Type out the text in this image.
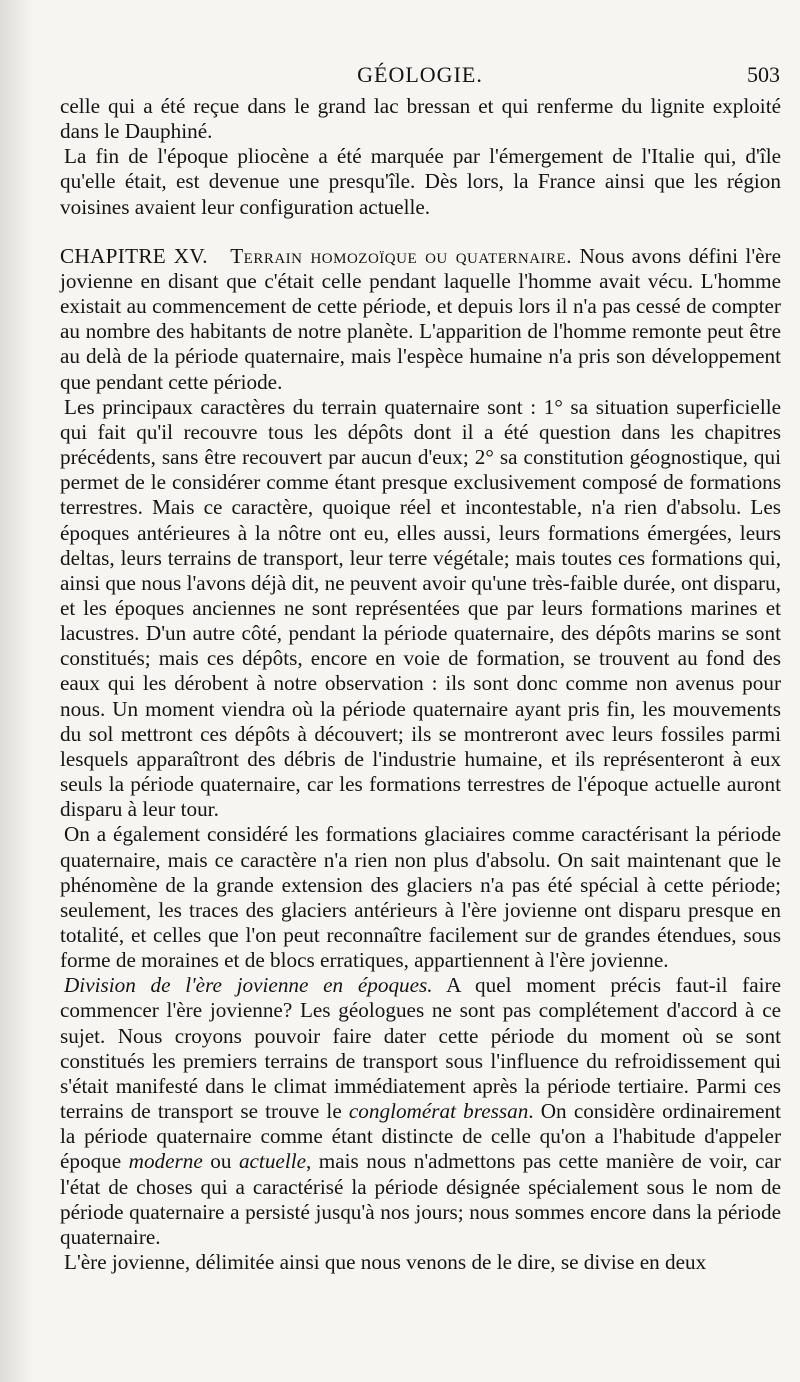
GÉOLOGIE.	503

celle qui a été reçue dans le grand lac bressan et qui renferme du lignite exploité dans le Dauphiné.

La fin de l'époque pliocène a été marquée par l'émergement de l'Italie qui, d'île qu'elle était, est devenue une presqu'île. Dès lors, la France ainsi que les région voisines avaient leur configuration actuelle.

CHAPITRE XV. Terrain homozoïque ou quaternaire. Nous avons défini l'ère jovienne en disant que c'était celle pendant laquelle l'homme avait vécu. L'homme existait au commencement de cette période, et depuis lors il n'a pas cessé de compter au nombre des habitants de notre planète. L'apparition de l'homme remonte peut être au delà de la période quaternaire, mais l'espèce humaine n'a pris son développement que pendant cette période.

Les principaux caractères du terrain quaternaire sont : 1° sa situation superficielle qui fait qu'il recouvre tous les dépôts dont il a été question dans les chapitres précédents, sans être recouvert par aucun d'eux; 2° sa constitution géognostique, qui permet de le considérer comme étant presque exclusivement composé de formations terrestres. Mais ce caractère, quoique réel et incontestable, n'a rien d'absolu. Les époques antérieures à la nôtre ont eu, elles aussi, leurs formations émergées, leurs deltas, leurs terrains de transport, leur terre végétale; mais toutes ces formations qui, ainsi que nous l'avons déjà dit, ne peuvent avoir qu'une très-faible durée, ont disparu, et les époques anciennes ne sont représentées que par leurs formations marines et lacustres. D'un autre côté, pendant la période quaternaire, des dépôts marins se sont constitués; mais ces dépôts, encore en voie de formation, se trouvent au fond des eaux qui les dérobent à notre observation : ils sont donc comme non avenus pour nous. Un moment viendra où la période quaternaire ayant pris fin, les mouvements du sol mettront ces dépôts à découvert; ils se montreront avec leurs fossiles parmi lesquels apparaîtront des débris de l'industrie humaine, et ils représenteront à eux seuls la période quaternaire, car les formations terrestres de l'époque actuelle auront disparu à leur tour.

On a également considéré les formations glaciaires comme caractérisant la période quaternaire, mais ce caractère n'a rien non plus d'absolu. On sait maintenant que le phénomène de la grande extension des glaciers n'a pas été spécial à cette période; seulement, les traces des glaciers antérieurs à l'ère jovienne ont disparu presque en totalité, et celles que l'on peut reconnaître facilement sur de grandes étendues, sous forme de moraines et de blocs erratiques, appartiennent à l'ère jovienne.

Division de l'ère jovienne en époques. A quel moment précis faut-il faire commencer l'ère jovienne? Les géologues ne sont pas complétement d'accord à ce sujet. Nous croyons pouvoir faire dater cette période du moment où se sont constitués les premiers terrains de transport sous l'influence du refroidissement qui s'était manifesté dans le climat immédiatement après la période tertiaire. Parmi ces terrains de transport se trouve le conglomérat bressan. On considère ordinairement la période quaternaire comme étant distincte de celle qu'on a l'habitude d'appeler époque moderne ou actuelle, mais nous n'admettons pas cette manière de voir, car l'état de choses qui a caractérisé la période désignée spécialement sous le nom de période quaternaire a persisté jusqu'à nos jours; nous sommes encore dans la période quaternaire.

L'ère jovienne, délimitée ainsi que nous venons de le dire, se divise en deux
